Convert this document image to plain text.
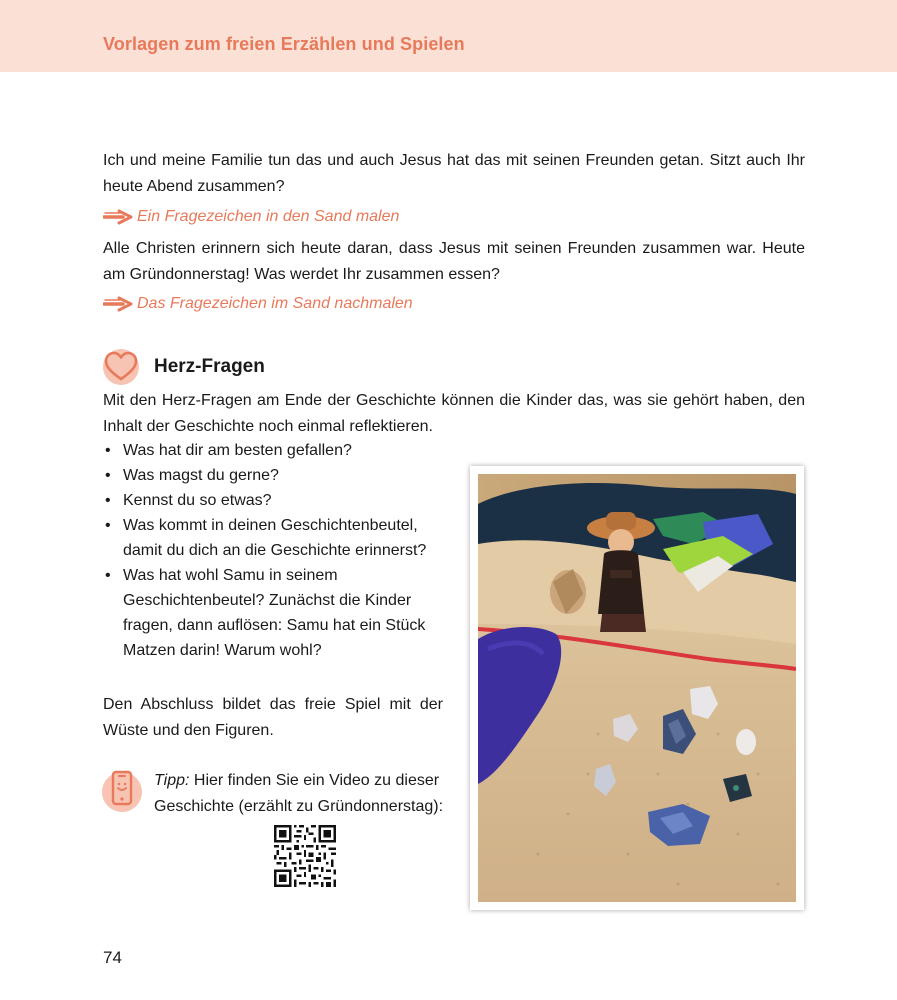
Vorlagen zum freien Erzählen und Spielen

Ich und meine Familie tun das und auch Jesus hat das mit seinen Freunden getan. Sitzt auch Ihr heute Abend zusammen?

Ein Fragezeichen in den Sand malen

Alle Christen erinnern sich heute daran, dass Jesus mit seinen Freunden zusammen war. Heute am Gründonnerstag! Was werdet Ihr zusammen essen?

Das Fragezeichen im Sand nachmalen
Herz-Fragen

Mit den Herz-Fragen am Ende der Geschichte können die Kinder das, was sie gehört haben, den Inhalt der Geschichte noch einmal reflektieren.

• Was hat dir am besten gefallen?
• Was magst du gerne?
• Kennst du so etwas?
• Was kommt in deinen Geschichtenbeutel, damit du dich an die Geschichte erinnerst?
• Was hat wohl Samu in seinem Geschichtenbeutel? Zunächst die Kinder fragen, dann auflösen: Samu hat ein Stück Matzen darin! Warum wohl?

Den Abschluss bildet das freie Spiel mit der Wüste und den Figuren.

Tipp: Hier finden Sie ein Video zu dieser Geschichte (erzählt zu Gründonnerstag):

74
